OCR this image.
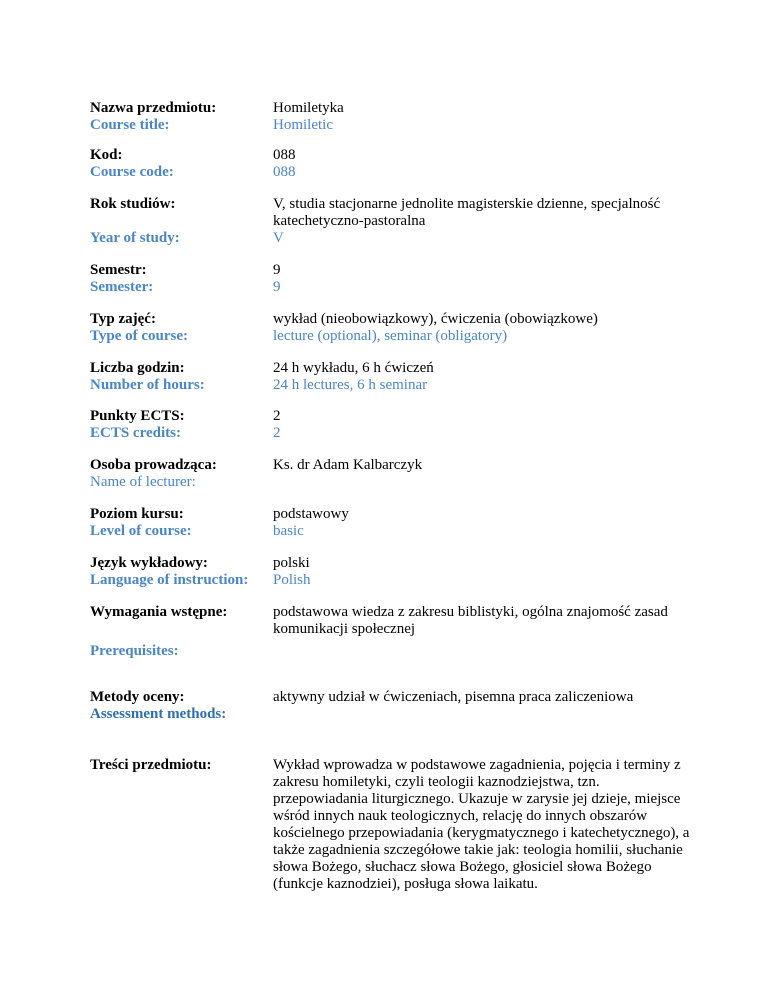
Nazwa przedmiotu:
Course title:
Homiletyka
Homiletic
Kod:
Course code:
088
088
Rok studiów:
Year of study:
V, studia stacjonarne jednolite magisterskie dzienne, specjalność katechetyczno-pastoralna
V
Semestr:
Semester:
9
9
Typ zajęć:
Type of course:
wykład (nieobowiązkowy), ćwiczenia (obowiązkowe)
lecture (optional), seminar (obligatory)
Liczba godzin:
Number of hours:
24 h wykładu, 6 h ćwiczeń
24 h lectures, 6 h seminar
Punkty ECTS:
ECTS credits:
2
2
Osoba prowadząca:
Name of lecturer:
Ks. dr Adam Kalbarczyk
Poziom kursu:
Level of course:
podstawowy
basic
Język wykładowy:
Language of instruction:
polski
Polish
Wymagania wstępne:
Prerequisites:
podstawowa wiedza z zakresu biblistyki, ogólna znajomość zasad komunikacji społecznej
Metody oceny:
Assessment methods:
aktywny udział w ćwiczeniach, pisemna praca zaliczeniowa
Treści przedmiotu:	Wykład wprowadza w podstawowe zagadnienia, pojęcia i terminy z zakresu homiletyki, czyli teologii kaznodziejstwa, tzn. przepowiadania liturgicznego. Ukazuje w zarysie jej dzieje, miejsce wśród innych nauk teologicznych, relację do innych obszarów kościelnego przepowiadania (kerygmatycznego i katechetycznego), a także zagadnienia szczegółowe takie jak: teologia homilii, słuchanie słowa Bożego, słuchacz słowa Bożego, głosiciel słowa Bożego (funkcje kaznodziei), posługa słowa laikatu.
